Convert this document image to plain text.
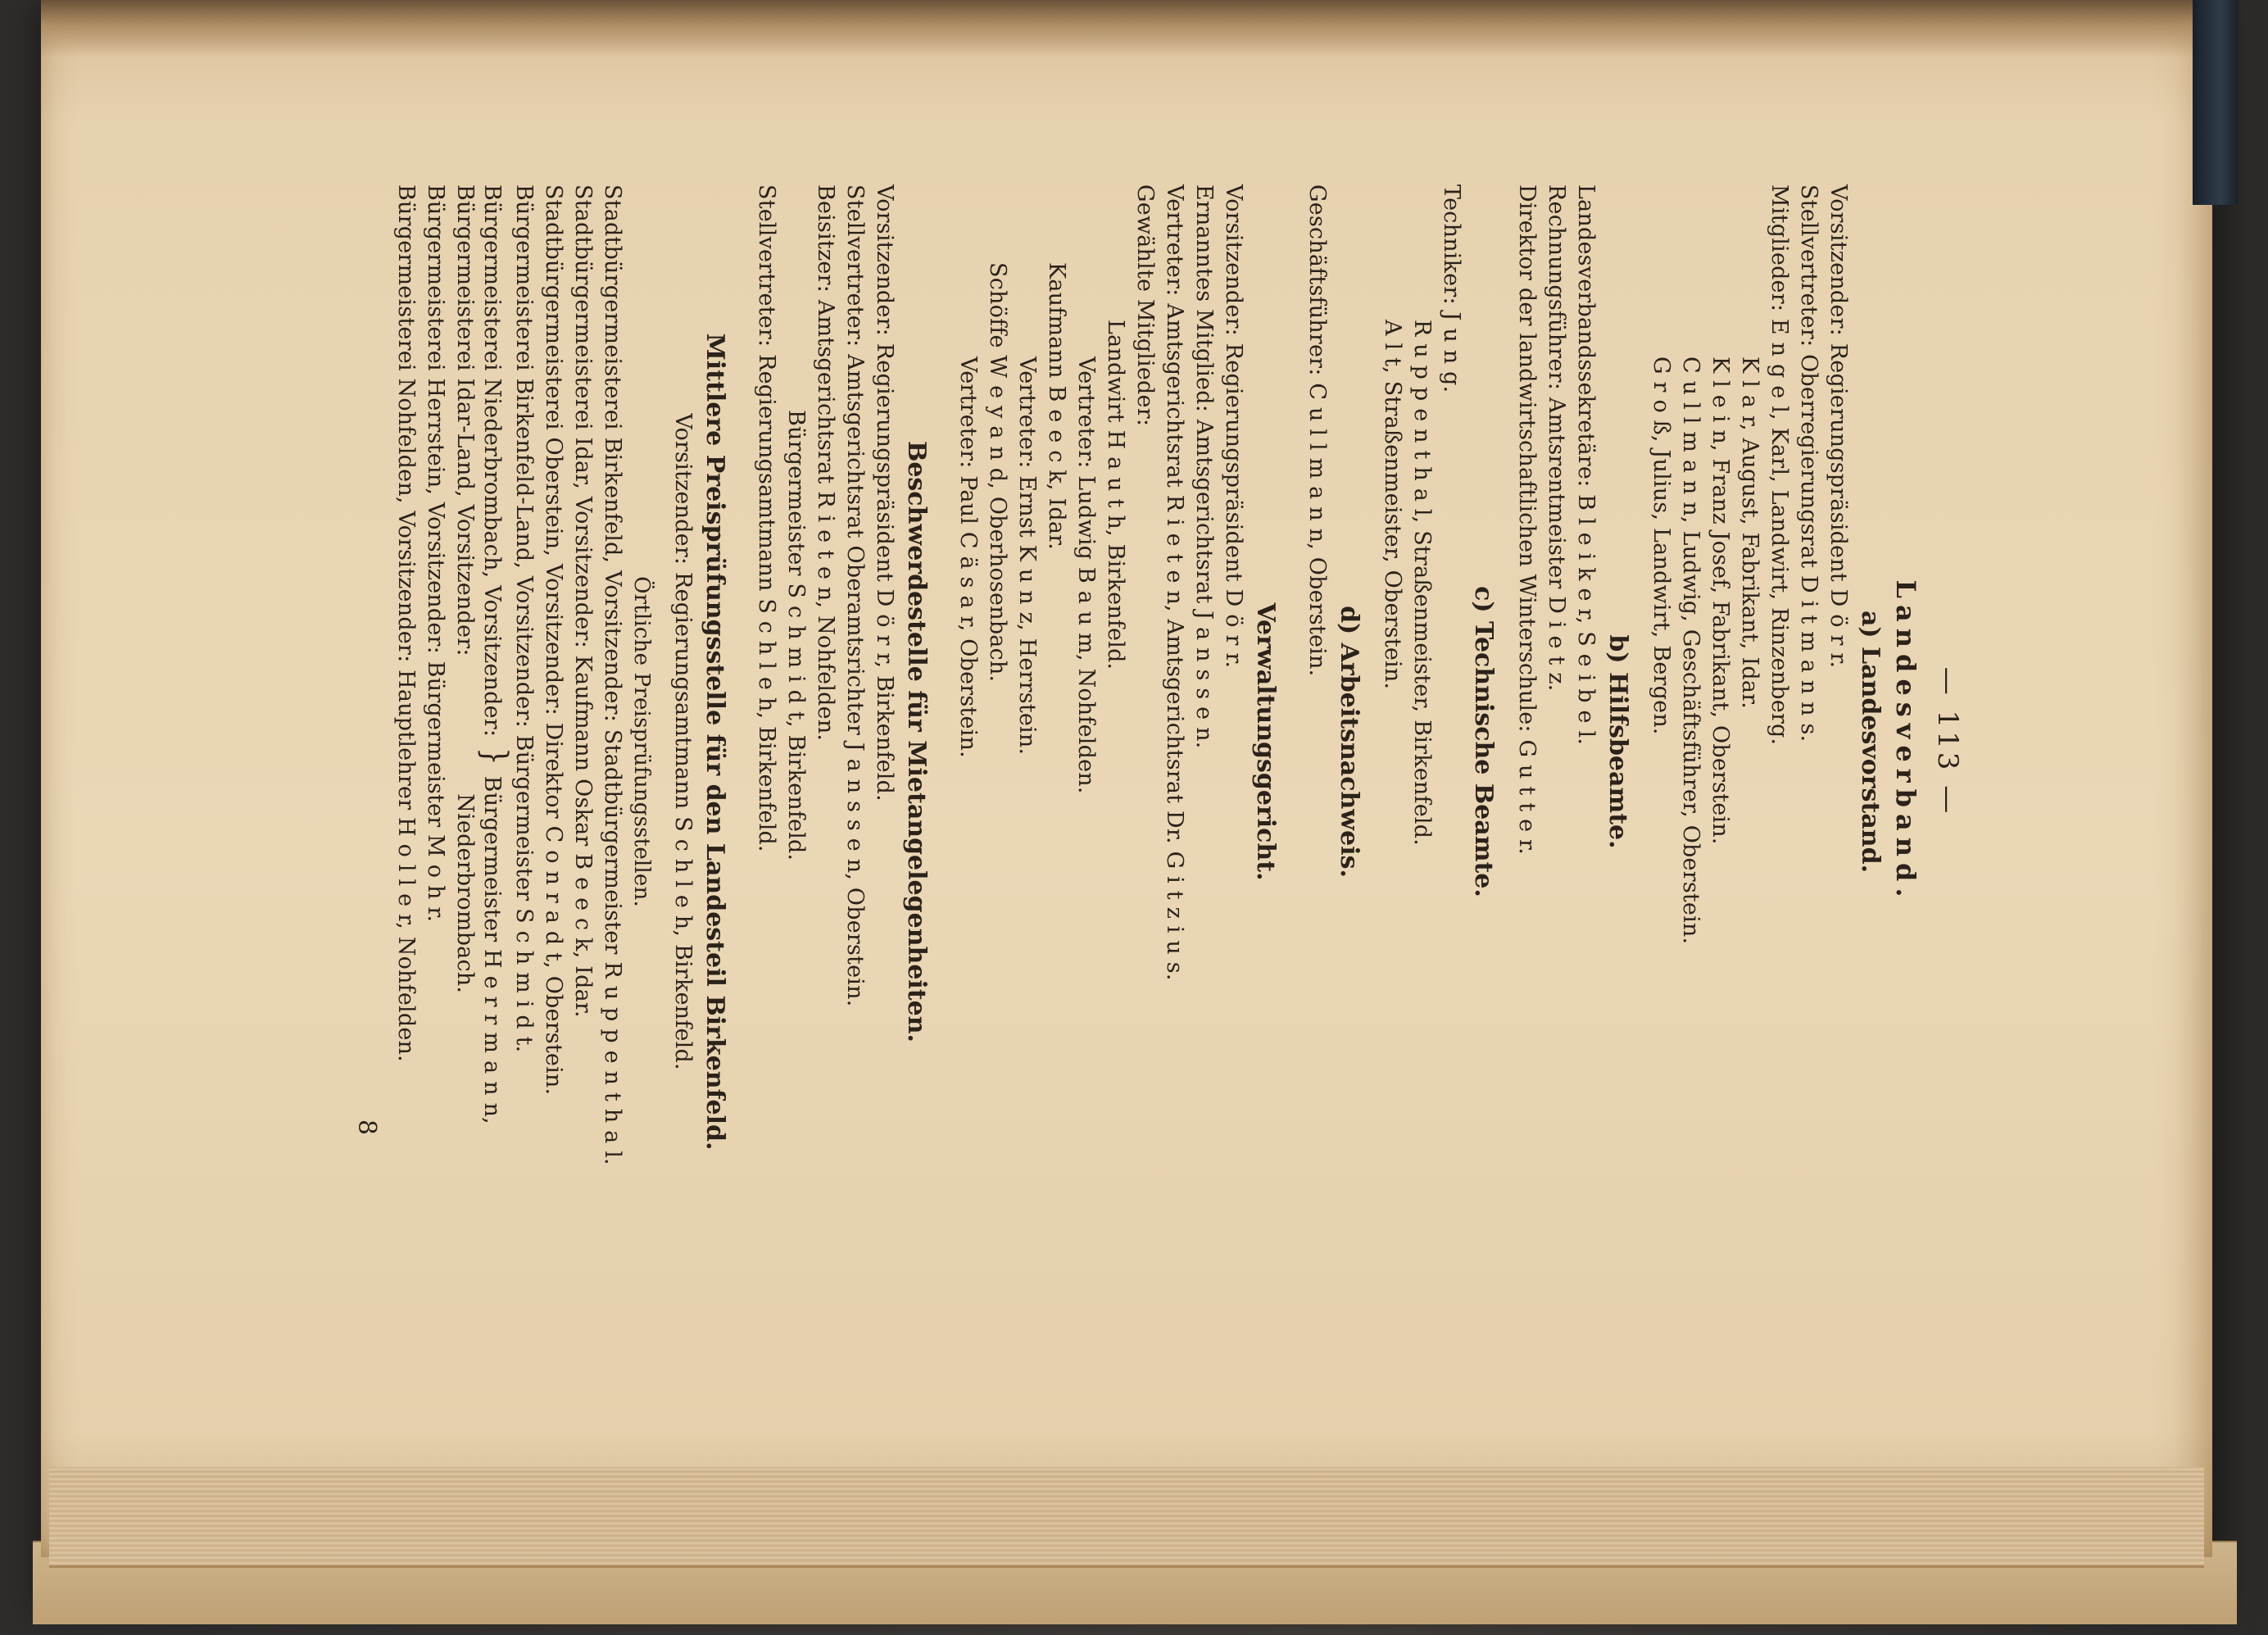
— 113 —
Landesverband.
a) Landesvorstand.
Vorsitzender: Regierungspräsident D ö r r.
Stellvertreter: Oberregierungsrat D i t m a n n s.
Mitglieder: E n g e l, Karl, Landwirt, Rinzenberg.
K l a r, August, Fabrikant, Idar.
K l e i n, Franz Josef, Fabrikant, Oberstein.
C u l l m a n n, Ludwig, Geschäftsführer, Oberstein.
G r o ß, Julius, Landwirt, Bergen.
b) Hilfsbeamte.
Landesverbandssekretäre: B l e i k e r, S e i b e l.
Rechnungsführer: Amtsrentmeister D i e t z.
Direktor der landwirtschaftlichen Winterschule: G u t t e r.
c) Technische Beamte.
Techniker: J u n g.
R u p p e n t h a l, Straßenmeister, Birkenfeld.
A l t, Straßenmeister, Oberstein.
d) Arbeitsnachweis.
Geschäftsführer: C u l l m a n n, Oberstein.
Verwaltungsgericht.
Vorsitzender: Regierungspräsident D ö r r.
Ernanntes Mitglied: Amtsgerichtsrat J a n s s e n.
Vertreter: Amtsgerichtsrat R i e t e n, Amtsgerichtsrat Dr. G i t z i u s.
Gewählte Mitglieder:
Landwirt H a u t h, Birkenfeld.
Vertreter: Ludwig B a u m, Nohfelden.
Kaufmann B e e c k, Idar.
Vertreter: Ernst K u n z, Herrstein.
Schöffe W e y a n d, Oberhosenbach.
Vertreter: Paul C ä s a r, Oberstein.
Beschwerdestelle für Mietangelegenheiten.
Vorsitzender: Regierungspräsident D ö r r, Birkenfeld.
Stellvertreter: Amtsgerichtsrat Oberamtsrichter J a n s s e n, Oberstein.
Beisitzer: Amtsgerichtsrat R i e t e n, Nohfelden.
Bürgermeister S c h m i d t, Birkenfeld.
Stellvertreter: Regierungsamtmann S c h l e h, Birkenfeld.
Mittlere Preisprüfungsstelle für den Landesteil Birkenfeld.
Vorsitzender: Regierungsamtmann S c h l e h, Birkenfeld.
Örtliche Preisprüfungsstellen.
Stadtbürgermeisterei Birkenfeld, Vorsitzender: Stadtbürgermeister R u p p e n t h a l.
Stadtbürgermeisterei Idar, Vorsitzender: Kaufmann Oskar B e e c k, Idar.
Stadtbürgermeisterei Oberstein, Vorsitzender: Direktor C o n r a d t, Oberstein.
Bürgermeisterei Birkenfeld-Land, Vorsitzender: Bürgermeister S c h m i d t.
Bürgermeisterei Niederbrombach, Vorsitzender: } Bürgermeister H e r r m a n n,
Bürgermeisterei Idar-Land, Vorsitzender:  Niederbrombach.
Bürgermeisterei Herrstein, Vorsitzender: Bürgermeister M o h r.
Bürgermeisterei Nohfelden, Vorsitzender: Hauptlehrer H o l l e r, Nohfelden.
8
